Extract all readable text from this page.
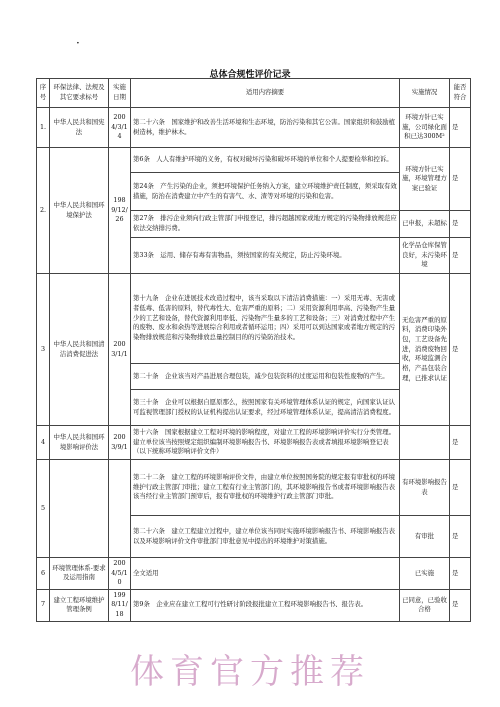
·
总体合规性评价记录
序号	环保法律、法规及其它要求标号	实施日期	适用内容摘要	实施情况	能否符合
1.	中华人民共和国宪法	2004/3/14	第二十六条　国家维护和改善生活环境和生态环境，防治污染和其它公害。国家组织和鼓励植树造林，维护林木。	环境方针已实施，公司绿化面积已达300M²	是
2.	中华人民共和国环境保护法	1989/12/26	第6条　人人有维护环境的义务，有权对破坏污染和破坏环境的单位和个人提要检举和控诉。	环境方针已实施，环境管理方案已验证	是
			第24条　产生污染的企业，须把环境保护任务纳入方案，建立环境维护责任制度，须采取有效措施，防治在消费建立中产生的有害气、水、渣等对环境的污染和危害。		
			第27条　排污企业须向行政主管部门申报登记，排污超越国家或地方规定的污染物排放规范应依法交纳排污费。	已申报，未超标	是
			第33条　运用、储存有毒有害物品，须按国家的有关规定，防止污染环境。	化学品仓库保管良好，未污染环境	是
3	中华人民共和国清洁消费促进法	2003/1/1	第十九条　企业在进展技术改造过程中，该当采取以下清洁消费措施：一）采用无毒、无害或者低毒、低害的原料，替代毒性大、危害严重的原料；二）采用资源利用率高、污染物产生量少的工艺和设备，替代资源利用率低、污染物产生量多的工艺和设备；三）对消费过程中产生的废物、废水和余热等进展综合利用或者循环运用；四）采用可以到达国家或者地方规定的污染物排放规范和污染物排放总量控制目的的污染防治技术。	无危害严重的原料，消费印染外包，工艺设备先进，消费废物回收，环境监测合格，产品包装合理，已推求认证	是
			第二十条　企业该当对产品进展合理包装，减少包装资料的过度运用和包装性废物的产生。		
			第三十条　企业可以根据自愿原那么，按照国家有关环境管理体系认证的规定，向国家认证认可监视管理部门授权的认证机构提出认证要求，经过环境管理体系认证，提高清洁消费程度。		
4	中华人民共和国环境影响评价法	2003/9/1	第十六条　国家根据建立工程对环境的影响程度，对建立工程的环境影响评价实行分类管理。建立单位该当按照规定组织编制环境影响报告书、环境影响报告表或者填报环境影响登记表（以下统称环境影响评价文件）		是
5			第二十二条　建立工程的环境影响评价文件，由建立单位按照国务院的规定报有审批权的环境维护行政主管部门审批；建立工程有行业主管部门的，其环境影响报告书或者环境影响报告表该当经行业主管部门预审后，报有审批权的环境维护行政主管部门审批。	有环境影响报告表	是
			第二十六条　建立工程建立过程中，建立单位该当同时实施环境影响报告书、环境影响报告表以及环境影响评价文件审批部门审批意见中提出的环境维护对策措施。	有审批	是
6	环境管理体系-要求及运用指南	2004/5/10	全文适用	已实施	是
7	建立工程环境维护管理条例	1998/11/18	第9条　企业应在建立工程可行性研讨阶段报批建立工程环境影响报告书、报告表。	已同意，已验收合格	是
体育官方推荐
